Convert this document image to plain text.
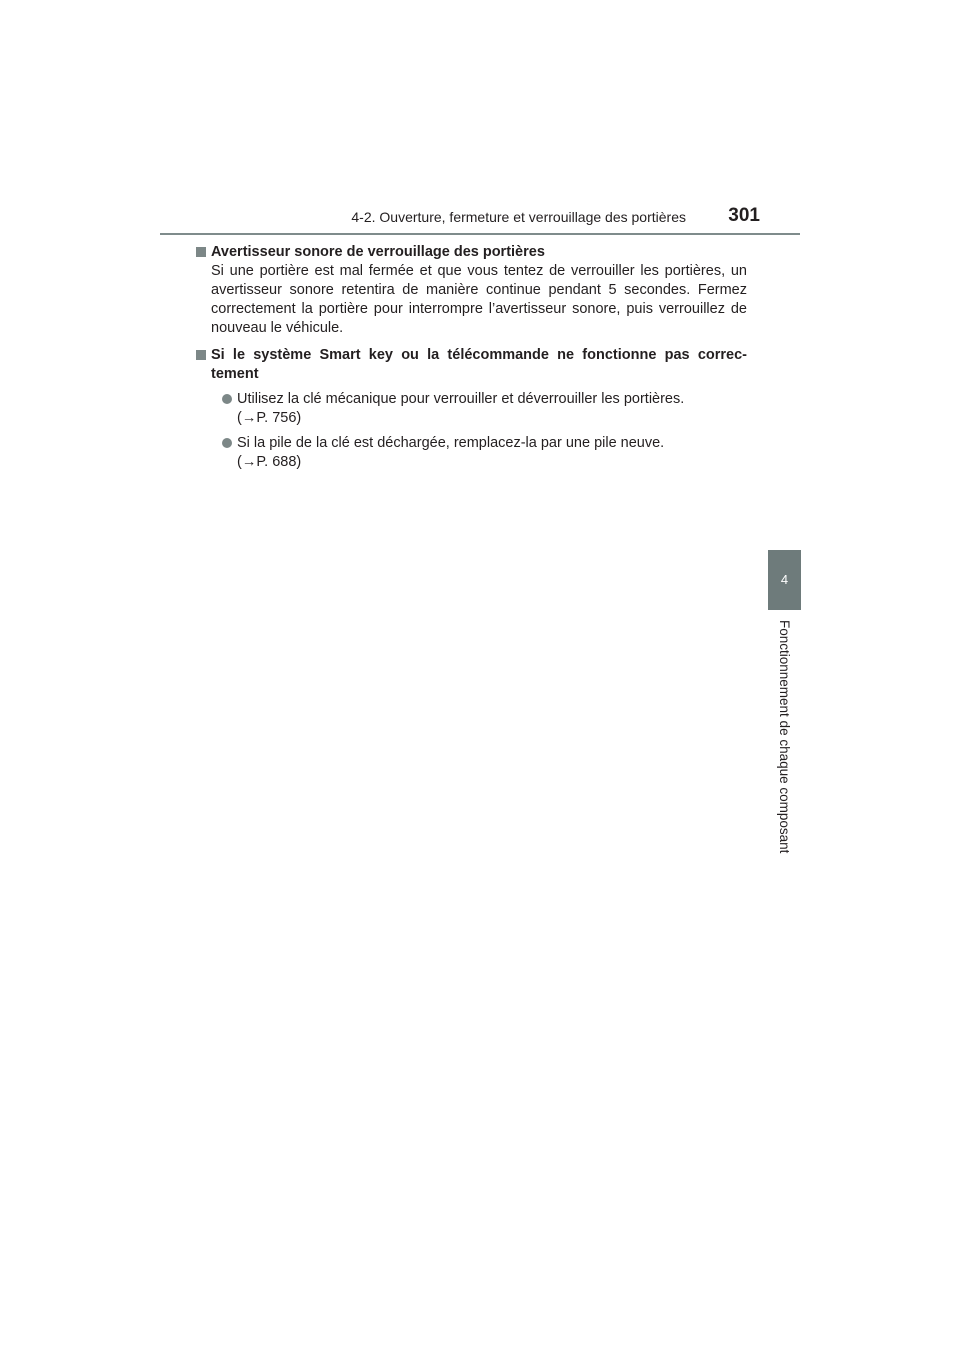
4-2. Ouverture, fermeture et verrouillage des portières 301
4
Fonctionnement de chaque composant
Avertisseur sonore de verrouillage des portières
Si une portière est mal fermée et que vous tentez de verrouiller les portières, un avertisseur sonore retentira de manière continue pendant 5 secondes. Fermez correctement la portière pour interrompre l’avertisseur sonore, puis verrouillez de nouveau le véhicule.
Si le système Smart key ou la télécommande ne fonctionne pas correc-
tement
Utilisez la clé mécanique pour verrouiller et déverrouiller les portières.
(→P. 756)
Si la pile de la clé est déchargée, remplacez-la par une pile neuve.
(→P. 688)
